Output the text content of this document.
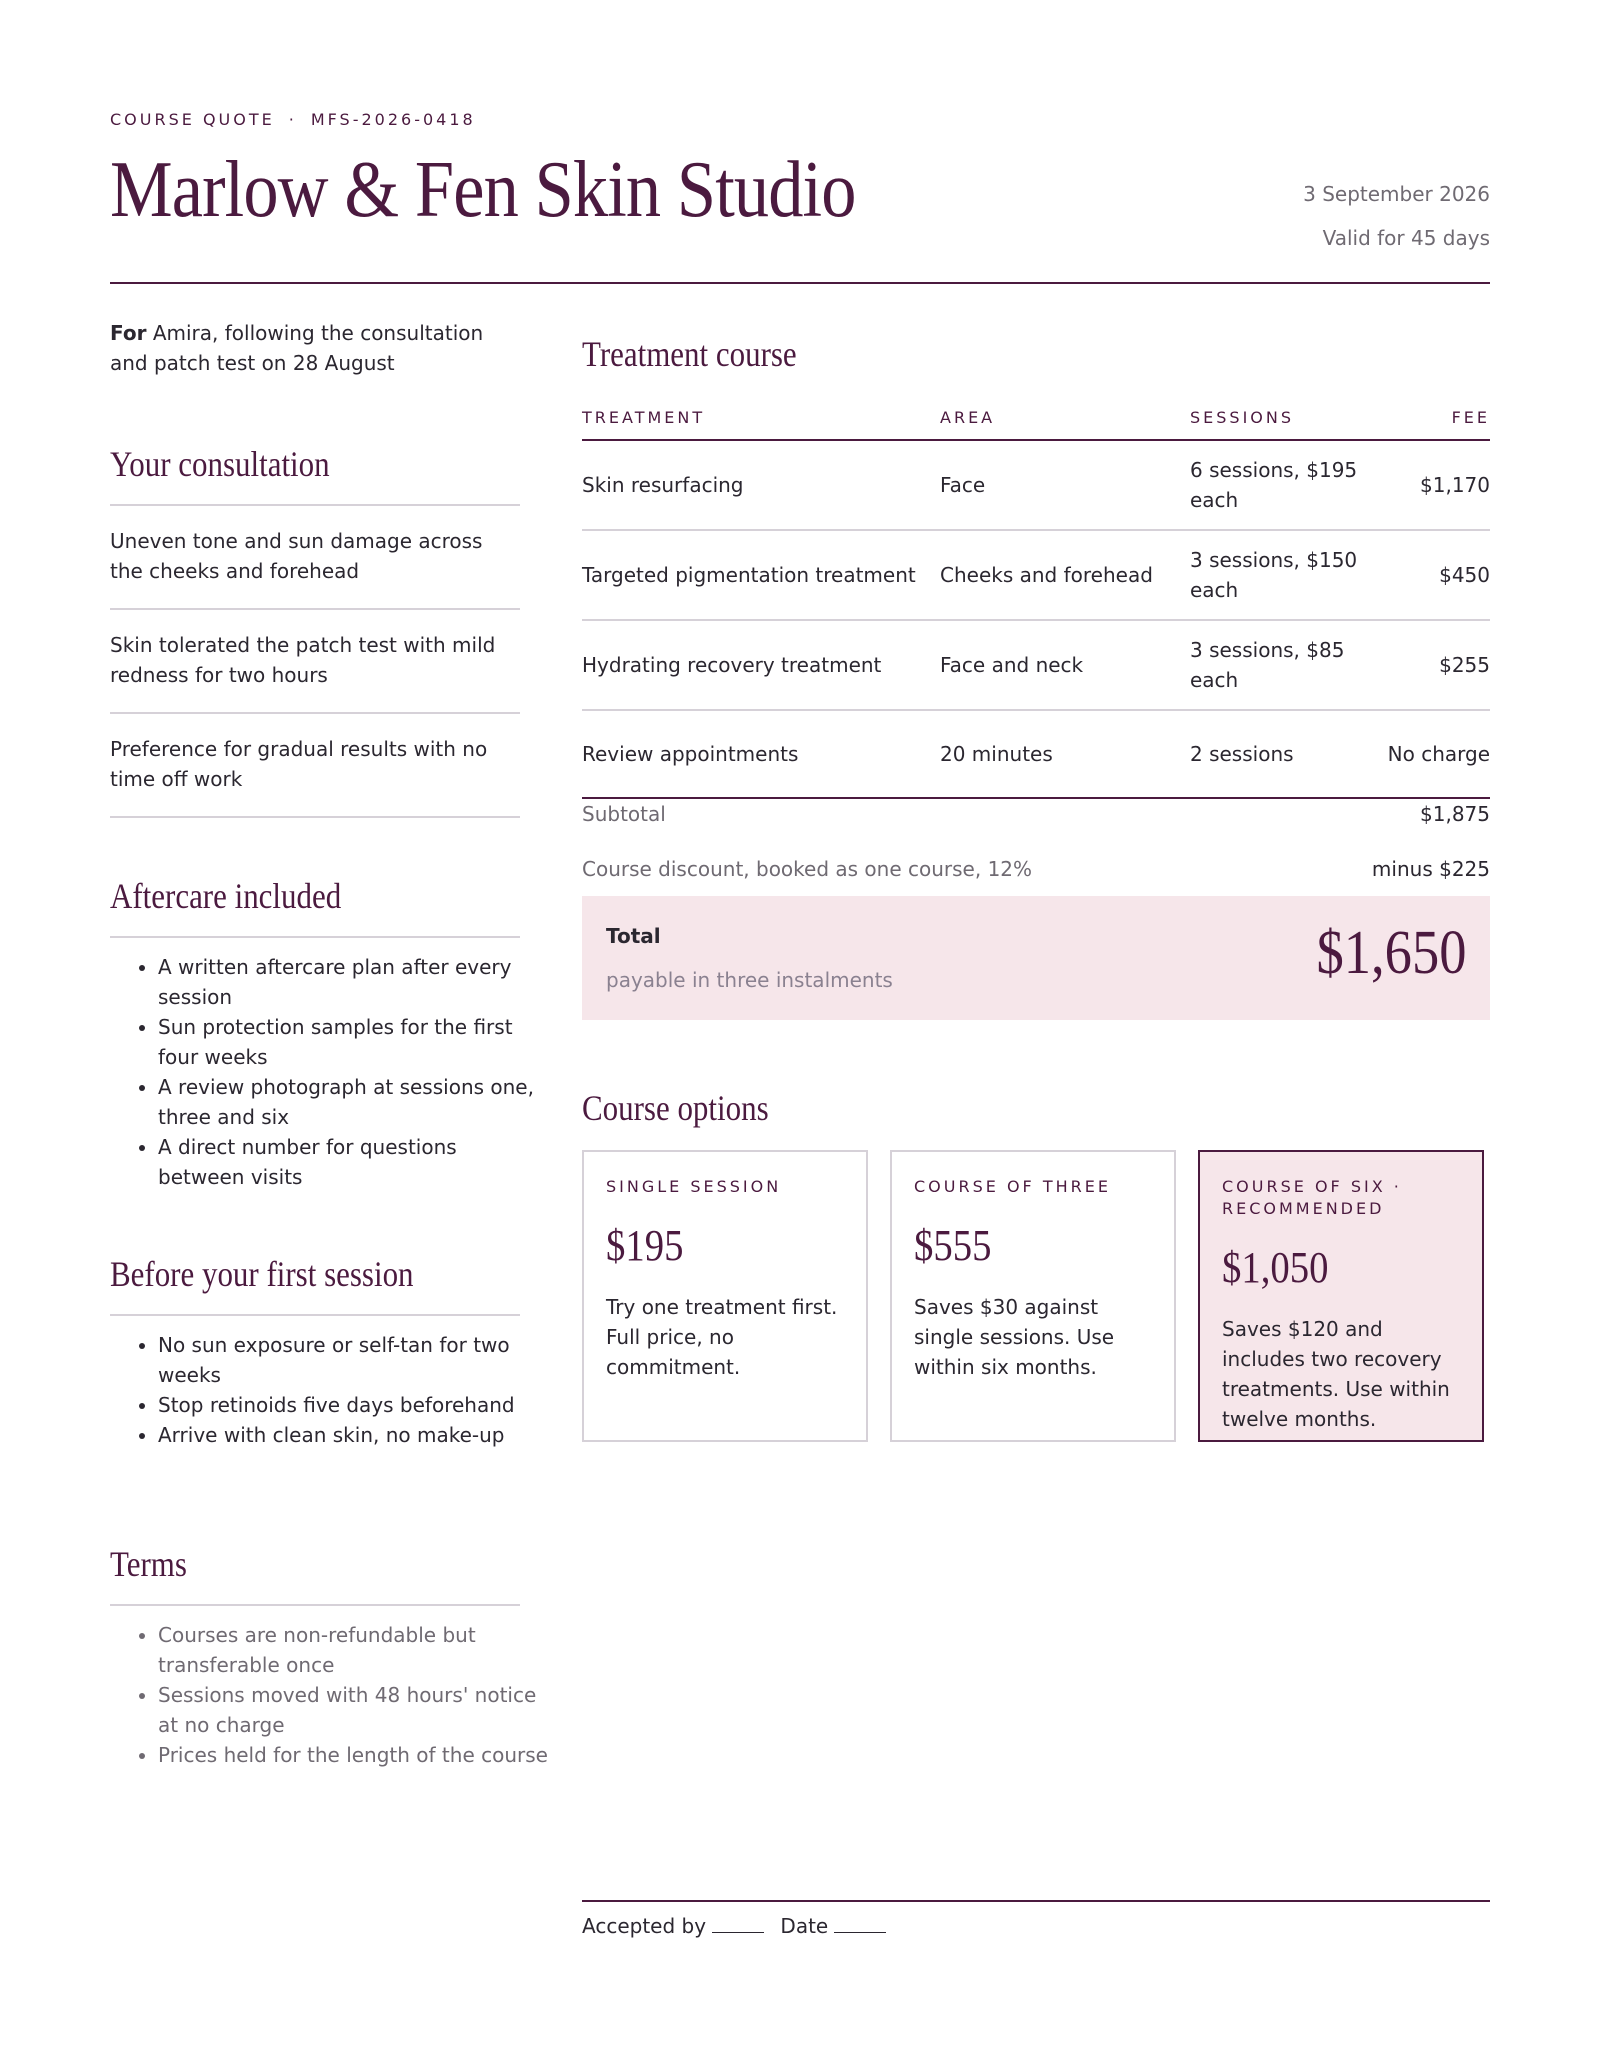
COURSE QUOTE · MFS-2026-0418
Marlow & Fen Skin Studio	3 September 2026
Valid for 45 days
For Amira, following the consultation and patch test on 28 August
Your consultation
Uneven tone and sun damage across the cheeks and forehead
Skin tolerated the patch test with mild redness for two hours
Preference for gradual results with no time off work
Aftercare included
• A written aftercare plan after every session
• Sun protection samples for the first four weeks
• A review photograph at sessions one, three and six
• A direct number for questions between visits
Before your first session
• No sun exposure or self-tan for two weeks
• Stop retinoids five days beforehand
• Arrive with clean skin, no make-up
Terms
• Courses are non-refundable but transferable once
• Sessions moved with 48 hours' notice at no charge
• Prices held for the length of the course
Treatment course
TREATMENT	AREA	SESSIONS	FEE
Skin resurfacing	Face	6 sessions, $195 each	$1,170
Targeted pigmentation treatment	Cheeks and forehead	3 sessions, $150 each	$450
Hydrating recovery treatment	Face and neck	3 sessions, $85 each	$255
Review appointments	20 minutes	2 sessions	No charge
Subtotal	$1,875
Course discount, booked as one course, 12%	minus $225
Total
payable in three instalments	$1,650
Course options
SINGLE SESSION
$195
Try one treatment first. Full price, no commitment.
COURSE OF THREE
$555
Saves $30 against single sessions. Use within six months.
COURSE OF SIX · RECOMMENDED
$1,050
Saves $120 and includes two recovery treatments. Use within twelve months.
Accepted by	Date
